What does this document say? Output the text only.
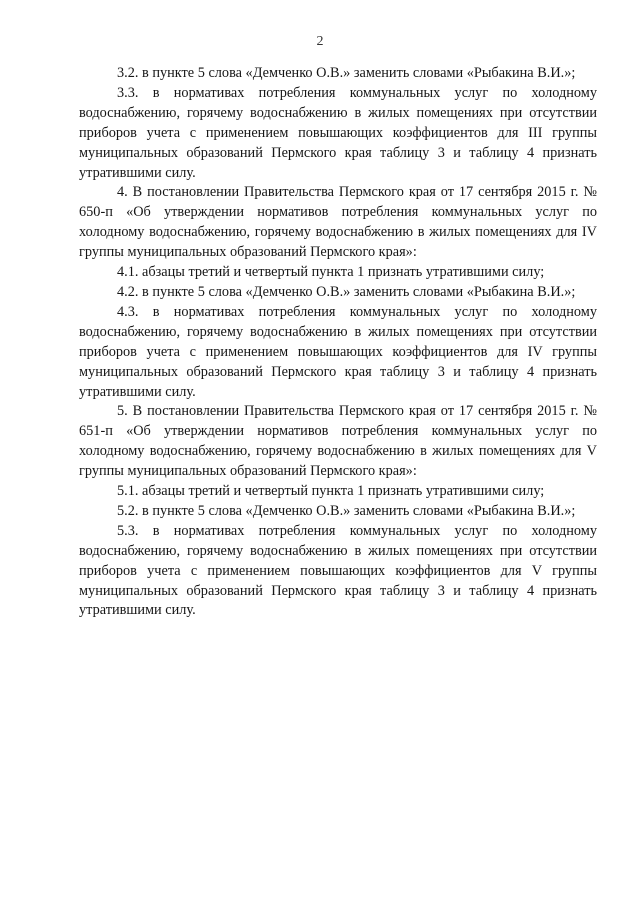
2

3.2. в пункте 5 слова «Демченко О.В.» заменить словами «Рыбакина В.И.»;

3.3. в нормативах потребления коммунальных услуг по холодному водоснабжению, горячему водоснабжению в жилых помещениях при отсутствии приборов учета с применением повышающих коэффициентов для III группы муниципальных образований Пермского края таблицу 3 и таблицу 4 признать утратившими силу.

4. В постановлении Правительства Пермского края от 17 сентября 2015 г. № 650-п «Об утверждении нормативов потребления коммунальных услуг по холодному водоснабжению, горячему водоснабжению в жилых помещениях для IV группы муниципальных образований Пермского края»:

4.1. абзацы третий и четвертый пункта 1 признать утратившими силу;

4.2. в пункте 5 слова «Демченко О.В.» заменить словами «Рыбакина В.И.»;

4.3. в нормативах потребления коммунальных услуг по холодному водоснабжению, горячему водоснабжению в жилых помещениях при отсутствии приборов учета с применением повышающих коэффициентов для IV группы муниципальных образований Пермского края таблицу 3 и таблицу 4 признать утратившими силу.

5. В постановлении Правительства Пермского края от 17 сентября 2015 г. № 651-п «Об утверждении нормативов потребления коммунальных услуг по холодному водоснабжению, горячему водоснабжению в жилых помещениях для V группы муниципальных образований Пермского края»:

5.1. абзацы третий и четвертый пункта 1 признать утратившими силу;

5.2. в пункте 5 слова «Демченко О.В.» заменить словами «Рыбакина В.И.»;

5.3. в нормативах потребления коммунальных услуг по холодному водоснабжению, горячему водоснабжению в жилых помещениях при отсутствии приборов учета с применением повышающих коэффициентов для V группы муниципальных образований Пермского края таблицу 3 и таблицу 4 признать утратившими силу.
